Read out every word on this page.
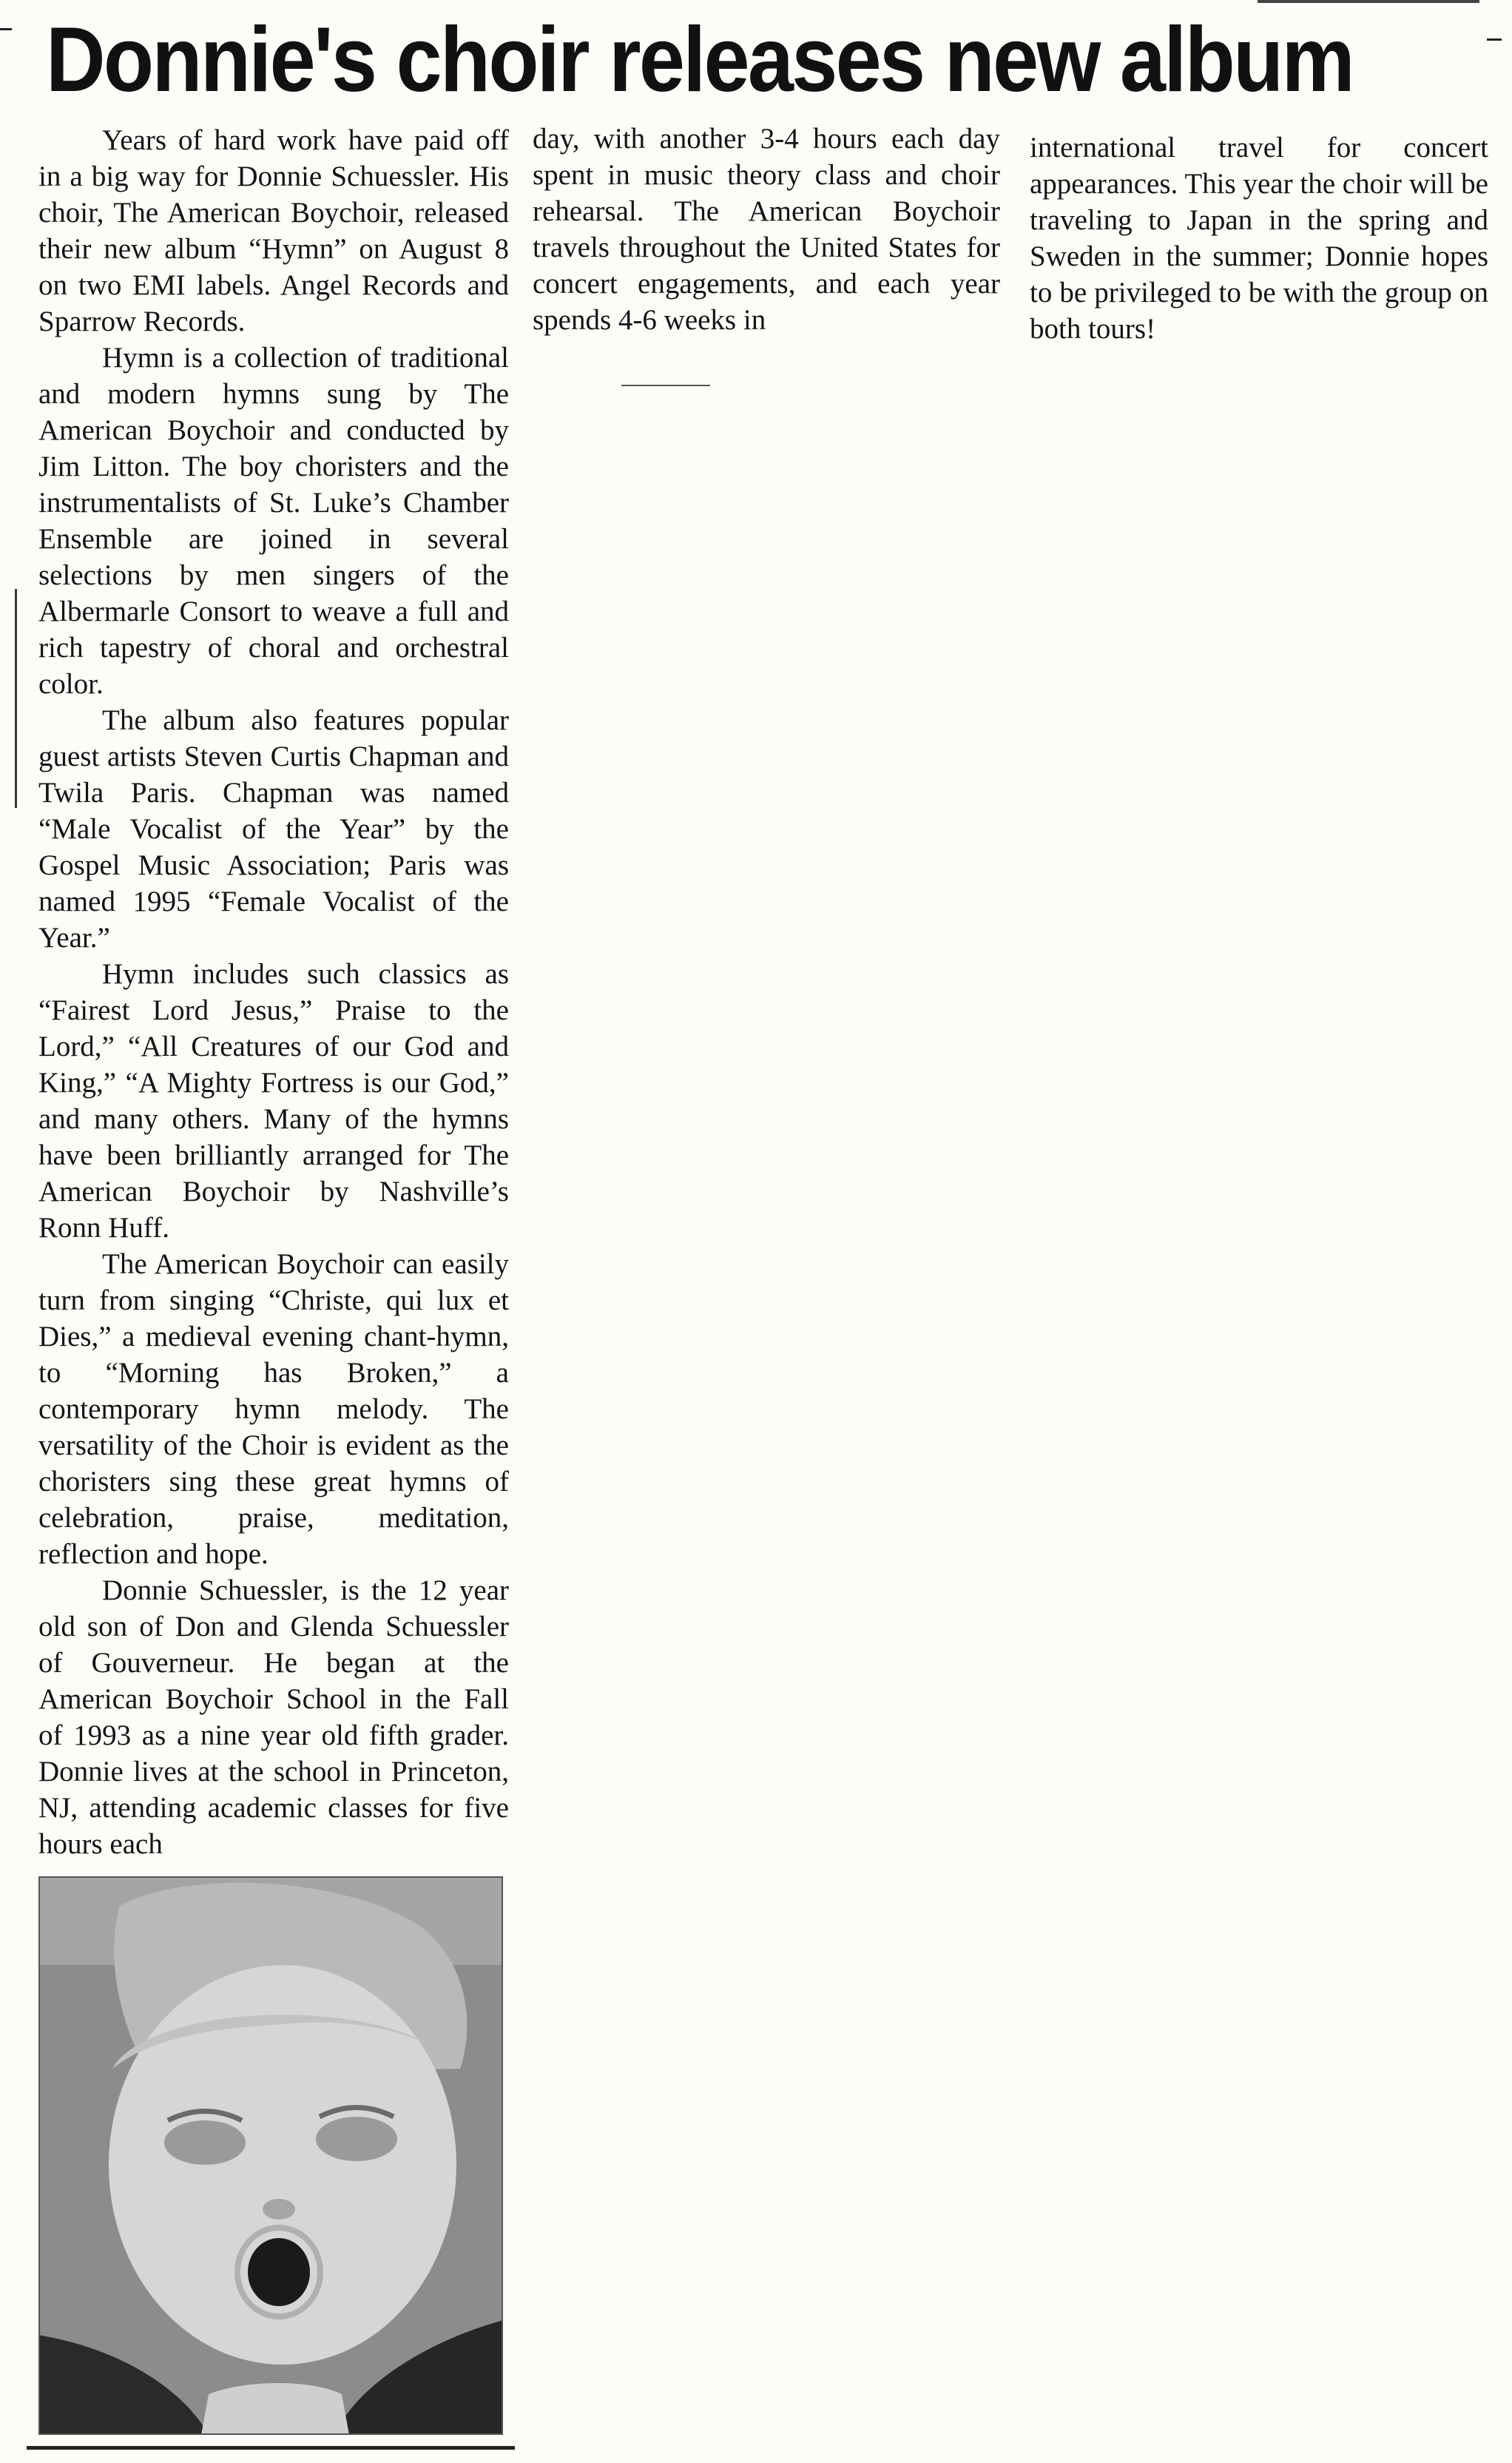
Donnie's choir releases new album

Years of hard work have paid off in a big way for Donnie Schuessler. His choir, The American Boychoir, released their new album “Hymn” on August 8 on two EMI labels. Angel Records and Sparrow Records.

Hymn is a collection of traditional and modern hymns sung by The American Boychoir and conducted by Jim Litton. The boy choristers and the instrumentalists of St. Luke’s Chamber Ensemble are joined in several selections by men singers of the Albermarle Consort to weave a full and rich tapestry of choral and orchestral color.

The album also features popular guest artists Steven Curtis Chapman and Twila Paris. Chapman was named “Male Vocalist of the Year” by the Gospel Music Association; Paris was named 1995 “Female Vocalist of the Year.”

Hymn includes such classics as “Fairest Lord Jesus,” Praise to the Lord,” “All Creatures of our God and King,” “A Mighty Fortress is our God,” and many others. Many of the hymns have been brilliantly arranged for The American Boychoir by Nashville’s Ronn Huff.

The American Boychoir can easily turn from singing “Christe, qui lux et Dies,” a medieval evening chant-hymn, to “Morning has Broken,” a contemporary hymn melody. The versatility of the Choir is evident as the choristers sing these great hymns of celebration, praise, meditation, reflection and hope.

Donnie Schuessler, is the 12 year old son of Don and Glenda Schuessler of Gouverneur. He began at the American Boychoir School in the Fall of 1993 as a nine year old fifth grader. Donnie lives at the school in Princeton, NJ, attending academic classes for five hours each

day, with another 3-4 hours each day spent in music theory class and choir rehearsal. The American Boychoir travels throughout the United States for concert engagements, and each year spends 4-6 weeks in

international travel for concert appearances. This year the choir will be traveling to Japan in the spring and Sweden in the summer; Donnie hopes to be privileged to be with the group on both tours!
